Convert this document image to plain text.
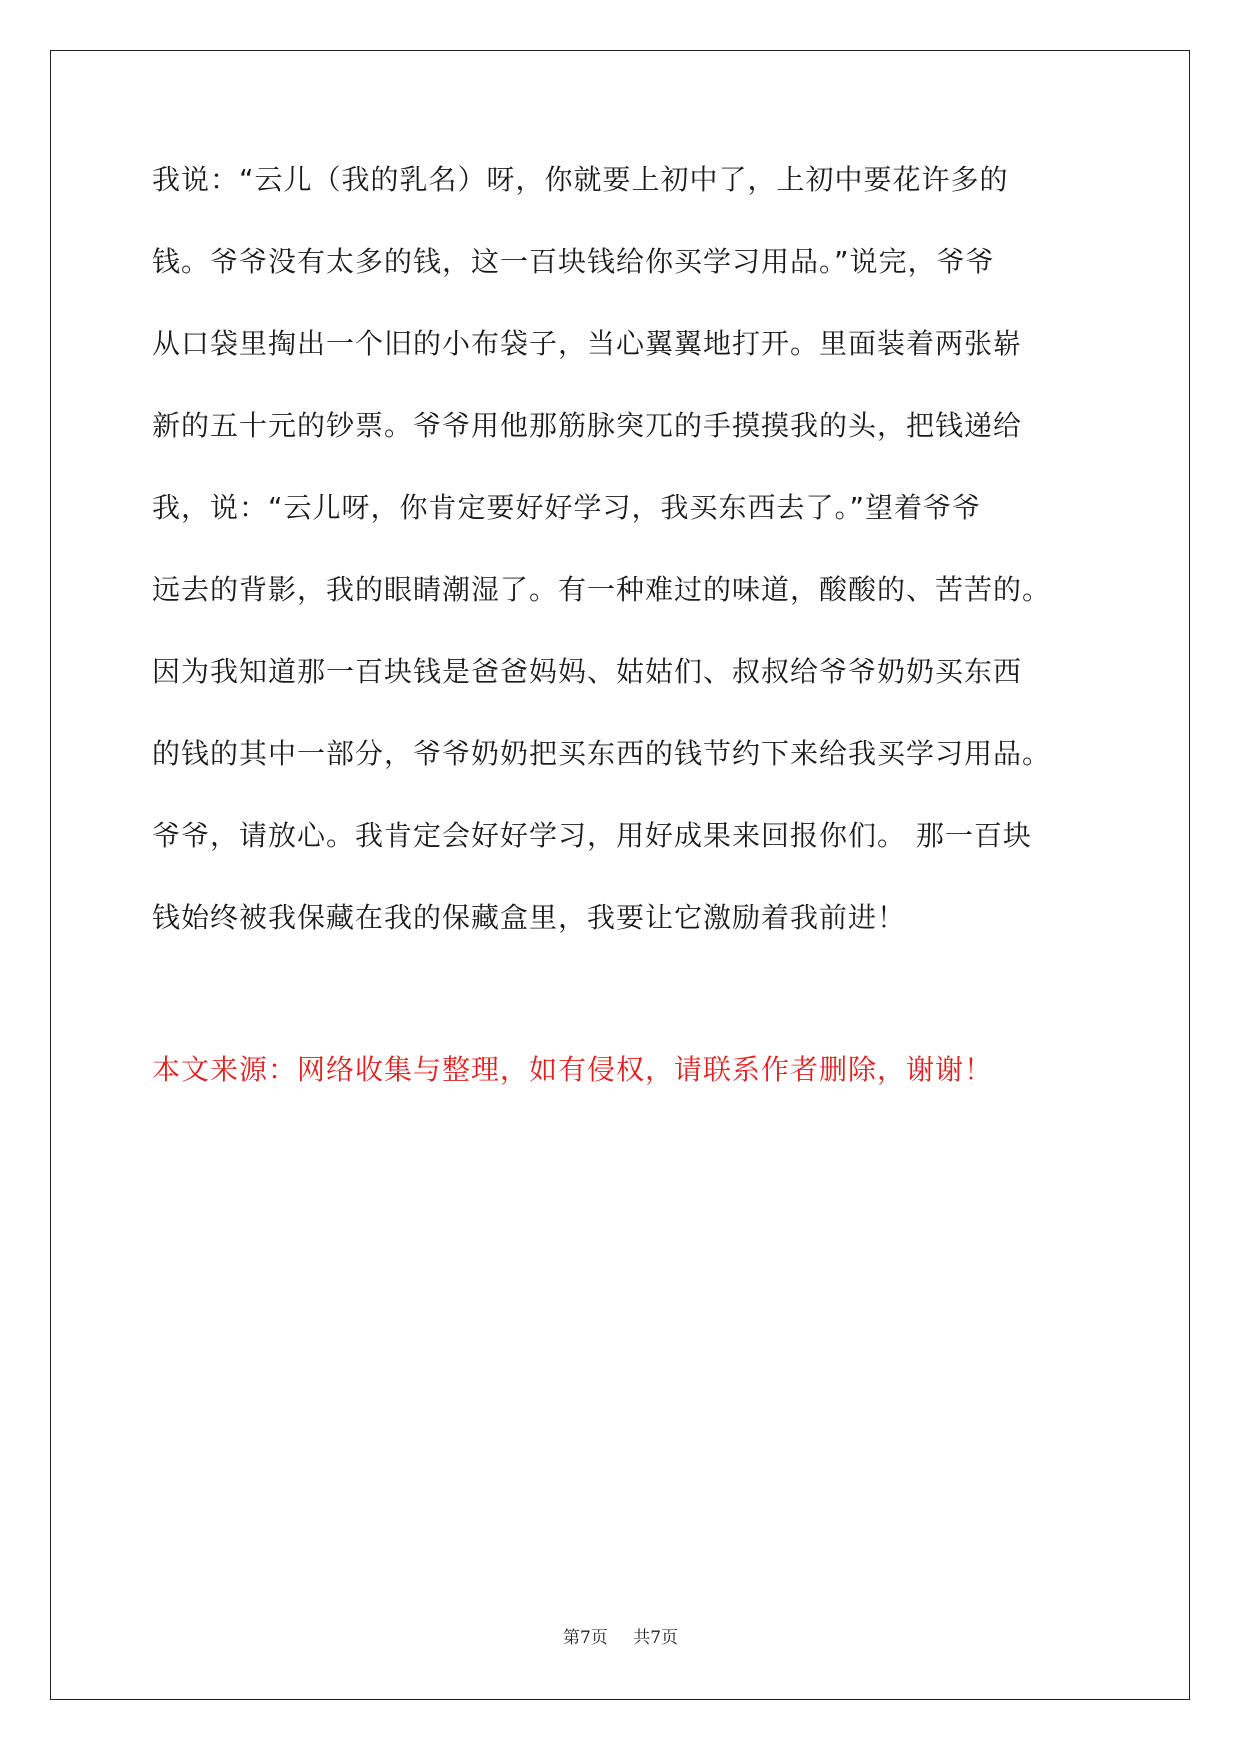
我说：“云儿（我的乳名）呀，你就要上初中了，上初中要花许多的
钱。爷爷没有太多的钱，这一百块钱给你买学习用品。”说完，爷爷
从口袋里掏出一个旧的小布袋子，当心翼翼地打开。里面装着两张崭
新的五十元的钞票。爷爷用他那筋脉突兀的手摸摸我的头，把钱递给
我，说：“云儿呀，你肯定要好好学习，我买东西去了。”望着爷爷
远去的背影，我的眼睛潮湿了。有一种难过的味道，酸酸的、苦苦的。
因为我知道那一百块钱是爸爸妈妈、姑姑们、叔叔给爷爷奶奶买东西
的钱的其中一部分，爷爷奶奶把买东西的钱节约下来给我买学习用品。
爷爷，请放心。我肯定会好好学习，用好成果来回报你们。 那一百块
钱始终被我保藏在我的保藏盒里，我要让它激励着我前进！

本文来源：网络收集与整理，如有侵权，请联系作者删除，谢谢！

第7页 共7页
